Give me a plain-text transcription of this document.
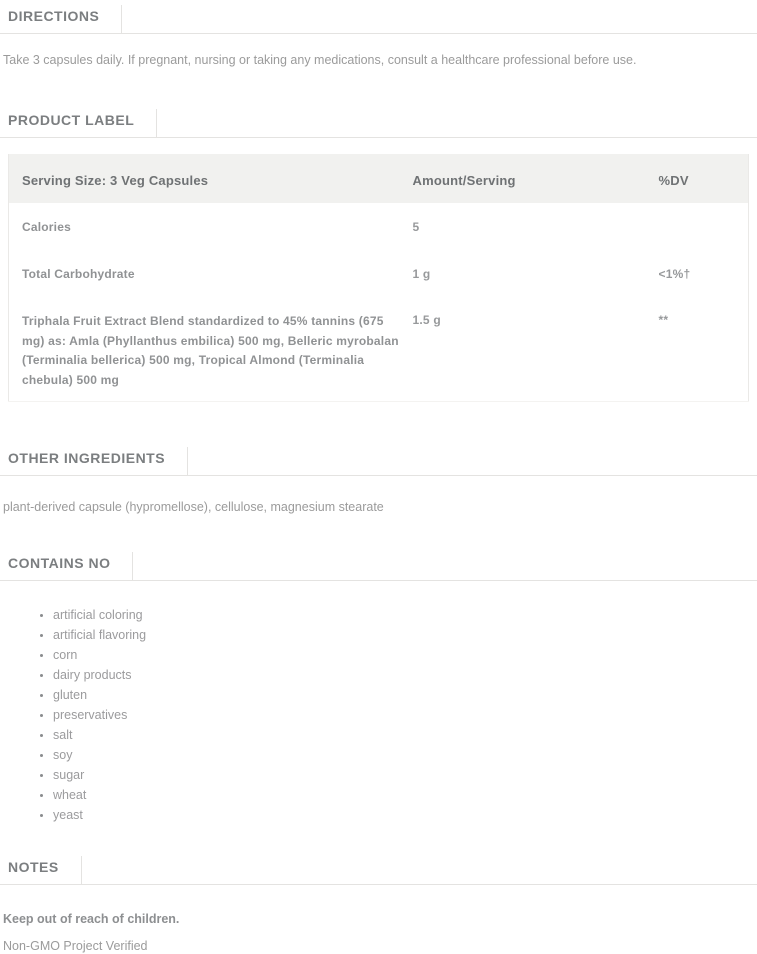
DIRECTIONS

Take 3 capsules daily. If pregnant, nursing or taking any medications, consult a healthcare professional before use.

PRODUCT LABEL
Serving Size: 3 Veg Capsules	Amount/Serving	%DV
Calories	5	
Total Carbohydrate	1 g	<1%†
Triphala Fruit Extract Blend standardized to 45% tannins (675 mg) as: Amla (Phyllanthus embilica) 500 mg, Belleric myrobalan (Terminalia bellerica) 500 mg, Tropical Almond (Terminalia chebula) 500 mg	1.5 g	**
OTHER INGREDIENTS

plant-derived capsule (hypromellose), cellulose, magnesium stearate

CONTAINS NO
• artificial coloring
• artificial flavoring
• corn
• dairy products
• gluten
• preservatives
• salt
• soy
• sugar
• wheat
• yeast
NOTES

Keep out of reach of children.

Non-GMO Project Verified
